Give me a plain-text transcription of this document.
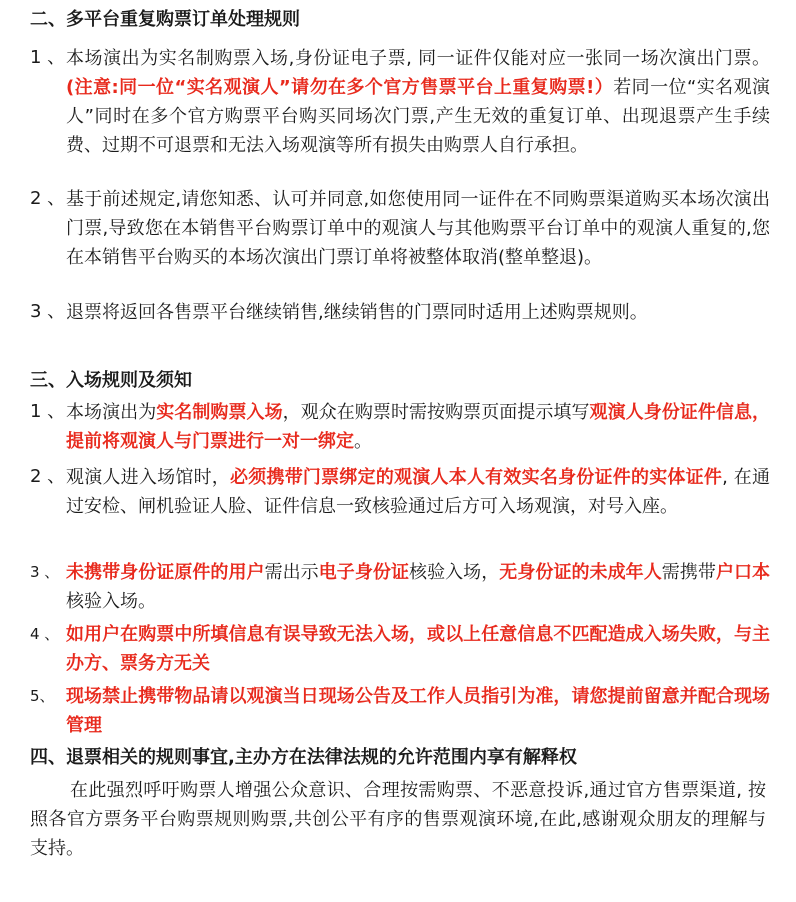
二、多平台重复购票订单处理规则
1 、 本场演出为实名制购票入场,身份证电子票, 同一证件仅能对应一张同一场次演出门票。 (注意:同一位“实名观演人”请勿在多个官方售票平台上重复购票!）若同一位“实名观演人”同时在多个官方购票平台购买同场次门票,产生无效的重复订单、出现退票产生手续费、过期不可退票和无法入场观演等所有损失由购票人自行承担。
2 、 基于前述规定,请您知悉、认可并同意,如您使用同一证件在不同购票渠道购买本场次演出门票,导致您在本销售平台购票订单中的观演人与其他购票平台订单中的观演人重复的,您在本销售平台购买的本场次演出门票订单将被整体取消(整单整退)。
3 、 退票将返回各售票平台继续销售,继续销售的门票同时适用上述购票规则。
三、入场规则及须知
1 、 本场演出为实名制购票入场，观众在购票时需按购票页面提示填写观演人身份证件信息，提前将观演人与门票进行一对一绑定。
2 、 观演人进入场馆时，必须携带门票绑定的观演人本人有效实名身份证件的实体证件, 在通过安检、闸机验证人脸、证件信息一致核验通过后方可入场观演，对号入座。
3 、 未携带身份证原件的用户需出示电子身份证核验入场，无身份证的未成年人需携带户口本核验入场。
4 、 如用户在购票中所填信息有误导致无法入场，或以上任意信息不匹配造成入场失败，与主办方、票务方无关
5、 现场禁止携带物品请以观演当日现场公告及工作人员指引为准，请您提前留意并配合现场管理
四、退票相关的规则事宜,主办方在法律法规的允许范围内享有解释权

在此强烈呼吁购票人增强公众意识、合理按需购票、不恶意投诉,通过官方售票渠道, 按照各官方票务平台购票规则购票,共创公平有序的售票观演环境,在此,感谢观众朋友的理解与支持。
